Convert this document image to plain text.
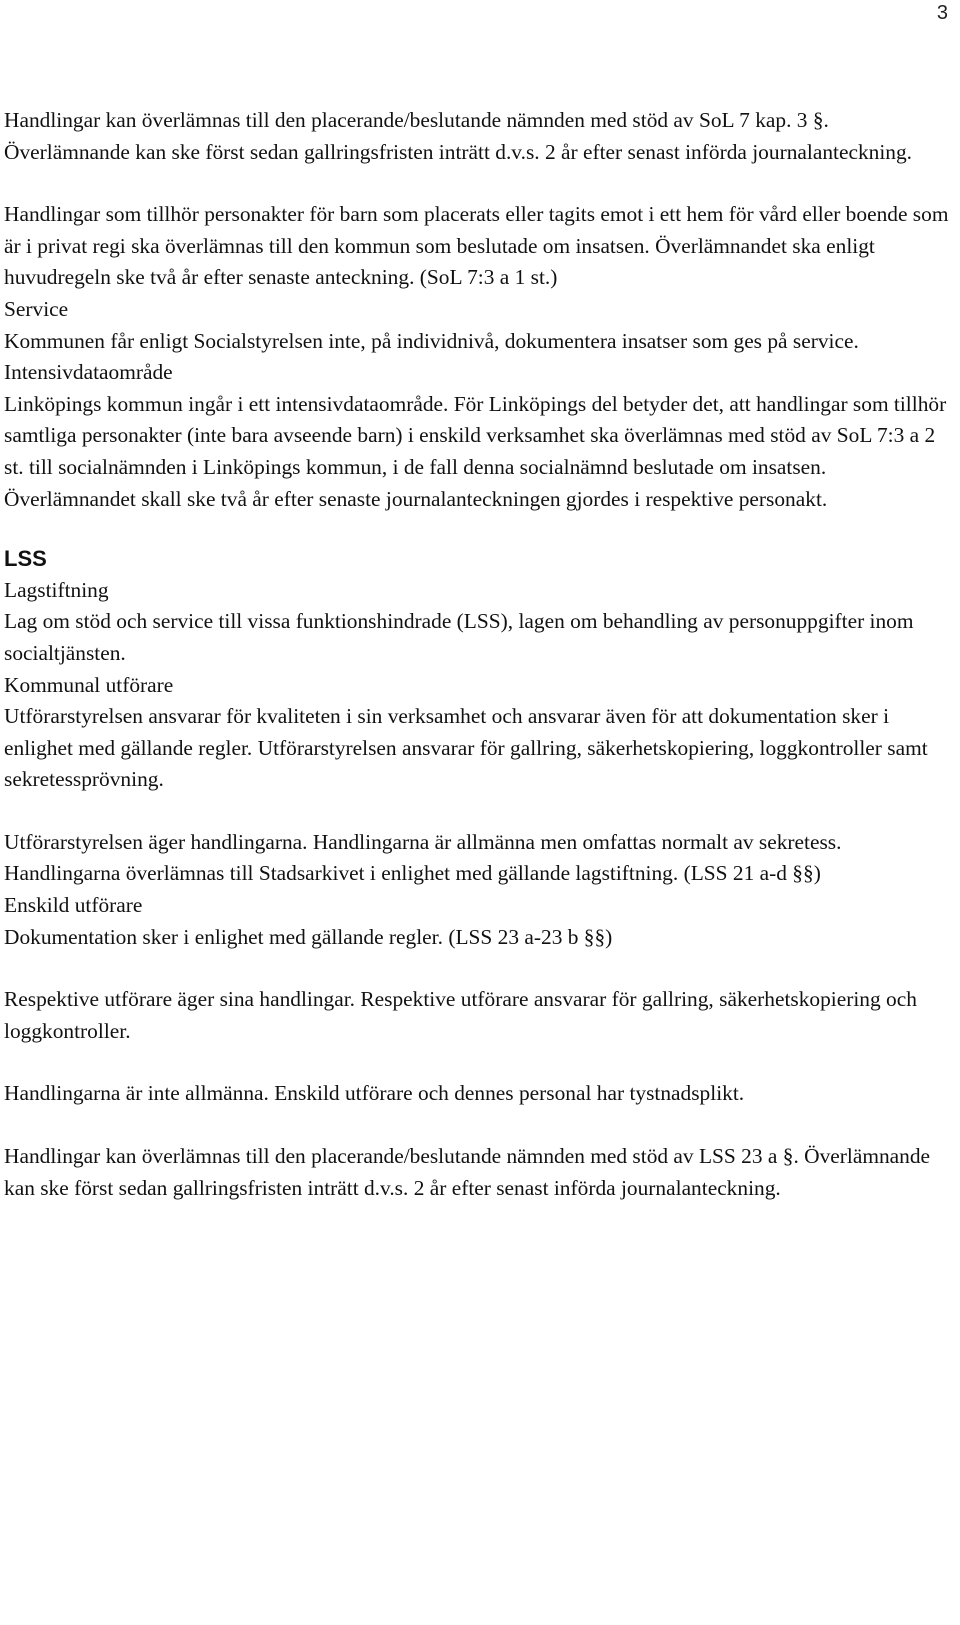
3

Handlingar kan överlämnas till den placerande/beslutande nämnden med stöd av SoL 7 kap. 3 §. Överlämnande kan ske först sedan gallringsfristen inträtt d.v.s. 2 år efter senast införda journalanteckning.

Handlingar som tillhör personakter för barn som placerats eller tagits emot i ett hem för vård eller boende som är i privat regi ska överlämnas till den kommun som beslutade om insatsen. Överlämnandet ska enligt huvudregeln ske två år efter senaste anteckning. (SoL 7:3 a 1 st.)

Service

Kommunen får enligt Socialstyrelsen inte, på individnivå, dokumentera insatser som ges på service.

Intensivdataområde

Linköpings kommun ingår i ett intensivdataområde. För Linköpings del betyder det, att handlingar som tillhör samtliga personakter (inte bara avseende barn) i enskild verksamhet ska överlämnas med stöd av SoL 7:3 a 2 st. till socialnämnden i Linköpings kommun, i de fall denna socialnämnd beslutade om insatsen. Överlämnandet skall ske två år efter senaste journalanteckningen gjordes i respektive personakt.

LSS

Lagstiftning

Lag om stöd och service till vissa funktionshindrade (LSS), lagen om behandling av personuppgifter inom socialtjänsten.

Kommunal utförare

Utförarstyrelsen ansvarar för kvaliteten i sin verksamhet och ansvarar även för att dokumentation sker i enlighet med gällande regler. Utförarstyrelsen ansvarar för gallring, säkerhetskopiering, loggkontroller samt sekretessprövning.

Utförarstyrelsen äger handlingarna. Handlingarna är allmänna men omfattas normalt av sekretess. Handlingarna överlämnas till Stadsarkivet i enlighet med gällande lagstiftning. (LSS 21 a-d §§)

Enskild utförare

Dokumentation sker i enlighet med gällande regler. (LSS 23 a-23 b §§)

Respektive utförare äger sina handlingar. Respektive utförare ansvarar för gallring, säkerhetskopiering och loggkontroller.

Handlingarna är inte allmänna. Enskild utförare och dennes personal har tystnadsplikt.

Handlingar kan överlämnas till den placerande/beslutande nämnden med stöd av LSS 23 a §. Överlämnande kan ske först sedan gallringsfristen inträtt d.v.s. 2 år efter senast införda journalanteckning.
